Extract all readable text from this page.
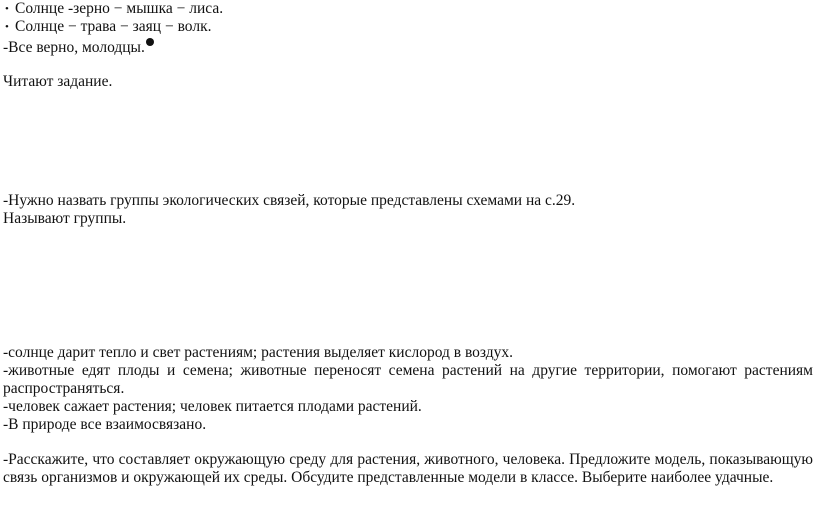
• Солнце -зерно − мышка − лиса.
• Солнце − трава − заяц − волк.
-Все верно, молодцы.
Читают задание.
-Нужно назвать группы экологических связей, которые представлены схемами на с.29.
Называют группы.
-солнце дарит тепло и свет растениям; растения выделяет кислород в воздух.
-животные едят плоды и семена; животные переносят семена растений на другие территории, помогают растениям
распространяться.
-человек сажает растения; человек питается плодами растений.
-В природе все взаимосвязано.
-Расскажите, что составляет окружающую среду для растения, животного, человека. Предложите модель, показывающую
связь организмов и окружающей их среды. Обсудите представленные модели в классе. Выберите наиболее удачные.
